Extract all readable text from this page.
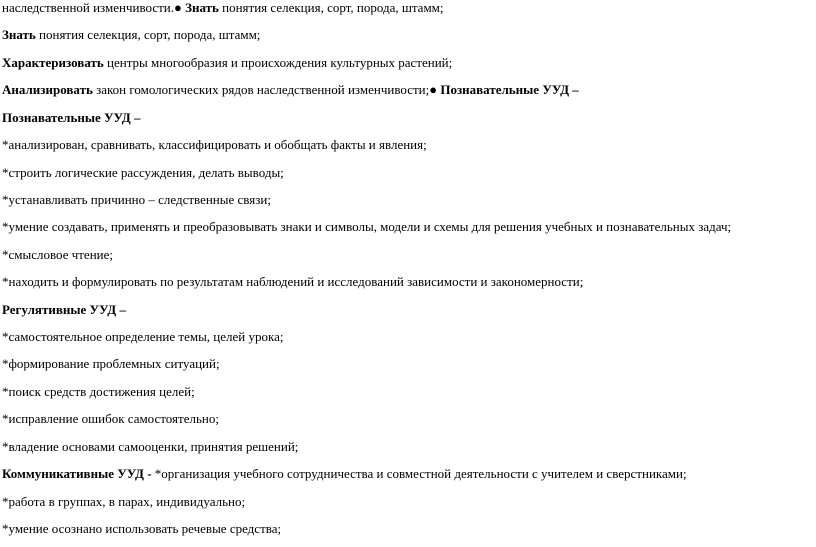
наследственной изменчивости.● Знать понятия селекция, сорт, порода, штамм;
Знать понятия селекция, сорт, порода, штамм;
Характеризовать центры многообразия и происхождения культурных растений;
Анализировать закон гомологических рядов наследственной изменчивости;● Познавательные УУД –
Познавательные УУД –
*анализирован, сравнивать, классифицировать и обобщать факты и явления;
*строить логические рассуждения, делать выводы;
*устанавливать причинно – следственные связи;
*умение создавать, применять и преобразовывать знаки и символы, модели и схемы для решения учебных и познавательных задач;
*смысловое чтение;
*находить и формулировать по результатам наблюдений и исследований зависимости и закономерности;
Регулятивные УУД –
*самостоятельное определение темы, целей урока;
*формирование проблемных ситуаций;
*поиск средств достижения целей;
*исправление ошибок самостоятельно;
*владение основами самооценки, принятия решений;
Коммуникативные УУД - *организация учебного сотрудничества и совместной деятельности с учителем и сверстниками;
*работа в группах, в парах, индивидуально;
*умение осознано использовать речевые средства;
